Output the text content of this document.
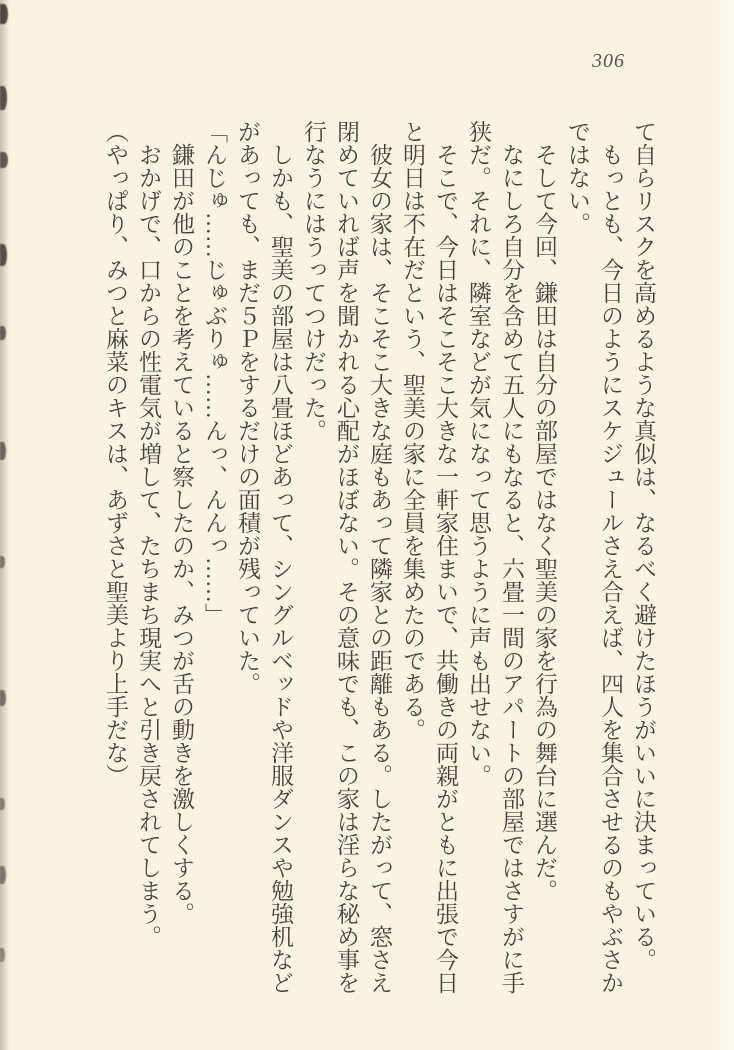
306

て自らリスクを高めるような真似は、なるべく避けたほうがいいに決まっている。

もっとも、今日のようにスケジュールさえ合えば、四人を集合させるのもやぶさかではない。

そして今回、鎌田は自分の部屋ではなく聖美の家を行為の舞台に選んだ。

なにしろ自分を含めて五人にもなると、六畳一間のアパートの部屋ではさすがに手狭だ。それに、隣室などが気になって思うように声も出せない。

そこで、今日はそこそこ大きな一軒家住まいで、共働きの両親がともに出張で今日と明日は不在だという、聖美の家に全員を集めたのである。

彼女の家は、そこそこ大きな庭もあって隣家との距離もある。したがって、窓さえ閉めていれば声を聞かれる心配がほぼない。その意味でも、この家は淫らな秘め事を行なうにはうってつけだった。

しかも、聖美の部屋は八畳ほどあって、シングルベッドや洋服ダンスや勉強机などがあっても、まだ５Ｐをするだけの面積が残っていた。

「んじゅ……じゅぶりゅ……んっ、んんっ……」

鎌田が他のことを考えていると察したのか、みつが舌の動きを激しくする。

おかげで、口からの性電気が増して、たちまち現実へと引き戻されてしまう。

（やっぱり、みつと麻菜のキスは、あずさと聖美より上手だな）
